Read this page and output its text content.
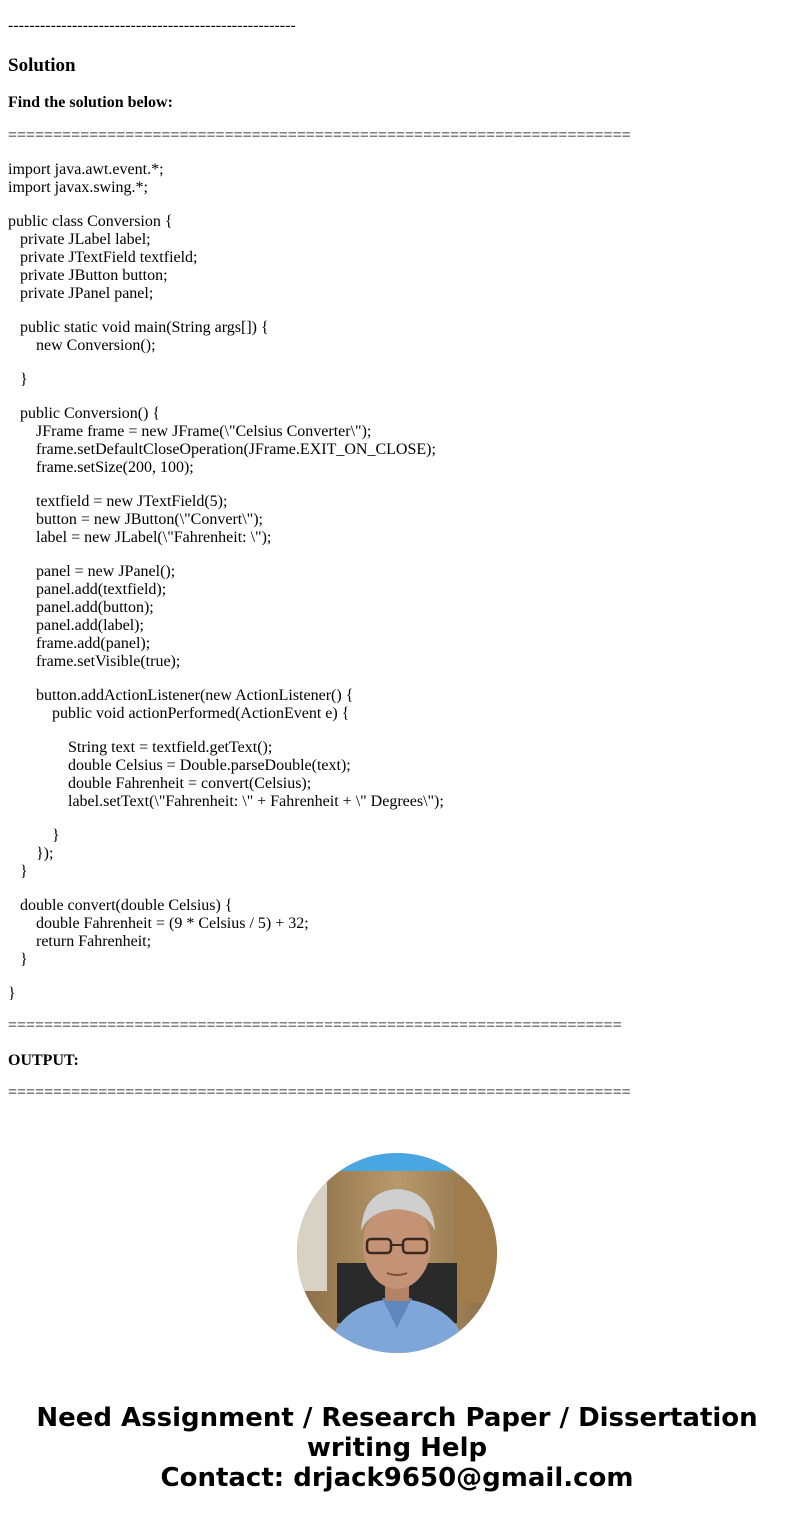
------------------------------------------------------
Solution
Find the solution below:
=====================================================================
import java.awt.event.*;
import javax.swing.*;
public class Conversion {
private JLabel label;
private JTextField textfield;
private JButton button;
private JPanel panel;
public static void main(String args[]) {
new Conversion();
}
public Conversion() {
JFrame frame = new JFrame(\"Celsius Converter\");
frame.setDefaultCloseOperation(JFrame.EXIT_ON_CLOSE);
frame.setSize(200, 100);
textfield = new JTextField(5);
button = new JButton(\"Convert\");
label = new JLabel(\"Fahrenheit: \");
panel = new JPanel();
panel.add(textfield);
panel.add(button);
panel.add(label);
frame.add(panel);
frame.setVisible(true);
button.addActionListener(new ActionListener() {
public void actionPerformed(ActionEvent e) {
String text = textfield.getText();
double Celsius = Double.parseDouble(text);
double Fahrenheit = convert(Celsius);
label.setText(\"Fahrenheit: \" + Fahrenheit + \" Degrees\");
}
});
}
double convert(double Celsius) {
double Fahrenheit = (9 * Celsius / 5) + 32;
return Fahrenheit;
}
}
====================================================================
OUTPUT:
=====================================================================
Need Assignment / Research Paper / Dissertation
writing Help
Contact: drjack9650@gmail.com
